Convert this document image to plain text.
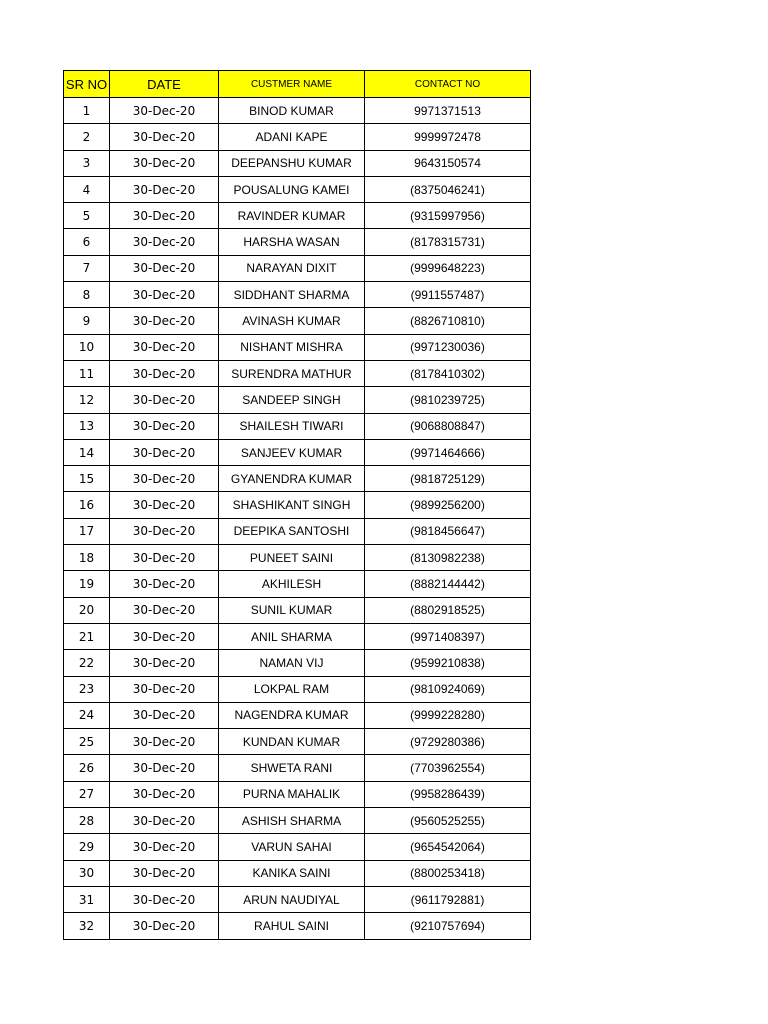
SR NO	DATE	CUSTMER NAME	CONTACT NO
1	30-Dec-20	BINOD KUMAR	9971371513
2	30-Dec-20	ADANI KAPE	9999972478
3	30-Dec-20	DEEPANSHU KUMAR	9643150574
4	30-Dec-20	POUSALUNG KAMEI	(8375046241)
5	30-Dec-20	RAVINDER KUMAR	(9315997956)
6	30-Dec-20	HARSHA WASAN	(8178315731)
7	30-Dec-20	NARAYAN DIXIT	(9999648223)
8	30-Dec-20	SIDDHANT SHARMA	(9911557487)
9	30-Dec-20	AVINASH KUMAR	(8826710810)
10	30-Dec-20	NISHANT MISHRA	(9971230036)
11	30-Dec-20	SURENDRA MATHUR	(8178410302)
12	30-Dec-20	SANDEEP SINGH	(9810239725)
13	30-Dec-20	SHAILESH TIWARI	(9068808847)
14	30-Dec-20	SANJEEV KUMAR	(9971464666)
15	30-Dec-20	GYANENDRA KUMAR	(9818725129)
16	30-Dec-20	SHASHIKANT SINGH	(9899256200)
17	30-Dec-20	DEEPIKA SANTOSHI	(9818456647)
18	30-Dec-20	PUNEET SAINI	(8130982238)
19	30-Dec-20	AKHILESH	(8882144442)
20	30-Dec-20	SUNIL KUMAR	(8802918525)
21	30-Dec-20	ANIL SHARMA	(9971408397)
22	30-Dec-20	NAMAN VIJ	(9599210838)
23	30-Dec-20	LOKPAL RAM	(9810924069)
24	30-Dec-20	NAGENDRA KUMAR	(9999228280)
25	30-Dec-20	KUNDAN KUMAR	(9729280386)
26	30-Dec-20	SHWETA RANI	(7703962554)
27	30-Dec-20	PURNA MAHALIK	(9958286439)
28	30-Dec-20	ASHISH SHARMA	(9560525255)
29	30-Dec-20	VARUN SAHAI	(9654542064)
30	30-Dec-20	KANIKA SAINI	(8800253418)
31	30-Dec-20	ARUN NAUDIYAL	(9611792881)
32	30-Dec-20	RAHUL SAINI	(9210757694)
